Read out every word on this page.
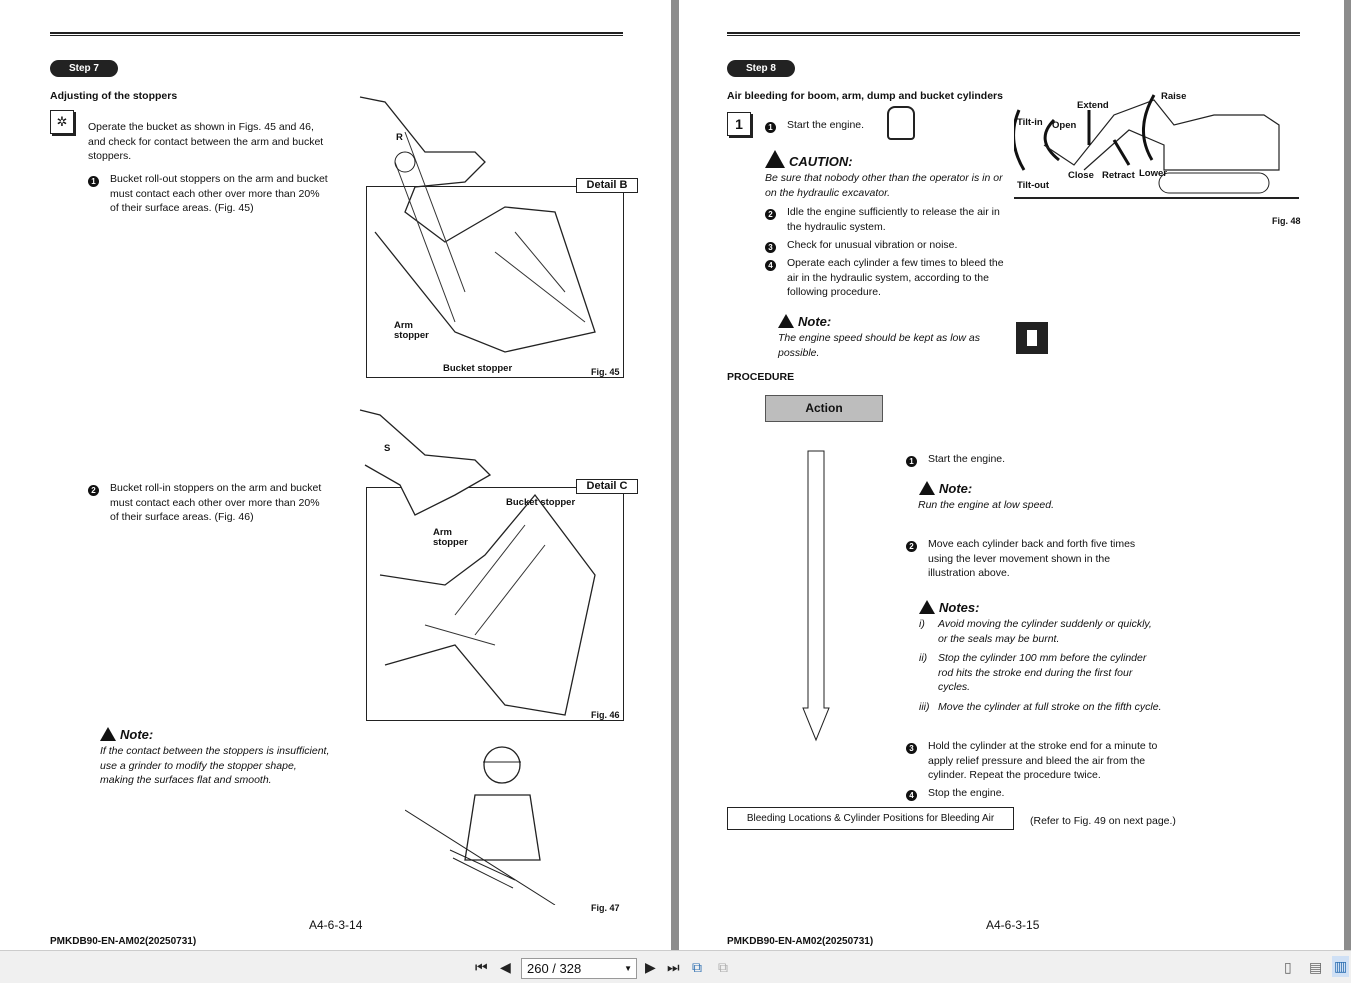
Step 7
Adjusting of the stoppers
✲	Operate the bucket as shown in Figs. 45 and 46, and check for contact between the arm and bucket stoppers.
1	Bucket roll-out stoppers on the arm and bucket must contact each other over more than 20% of their surface areas. (Fig. 45)
2	Bucket roll-in stoppers on the arm and bucket must contact each other over more than 20% of their surface areas. (Fig. 46)
Note:
If the contact between the stoppers is insufficient, use a grinder to modify the stopper shape, making the surfaces flat and smooth.
R
Detail B
Arm stopper
Bucket stopper	Fig. 45
S
Detail C
Bucket stopper
Arm stopper
Fig. 46
Fig. 47
A4-6-3-14
PMKDB90-EN-AM02(20250731)
Step 8
Air bleeding for boom, arm, dump and bucket cylinders
1	1	Start the engine.
CAUTION:
Be sure that nobody other than the operator is in or on the hydraulic excavator.
2	Idle the engine sufficiently to release the air in the hydraulic system.
3	Check for unusual vibration or noise.
4	Operate each cylinder a few times to bleed the air in the hydraulic system, according to the following procedure.
Note:
The engine speed should be kept as low as possible.
PROCEDURE
Action
1	Start the engine.
Note:
Run the engine at low speed.
2	Move each cylinder back and forth five times using the lever movement shown in the illustration above.
Notes:
i) Avoid moving the cylinder suddenly or quickly, or the seals may be burnt.
ii) Stop the cylinder 100 mm before the cylinder rod hits the stroke end during the first four cycles.
iii) Move the cylinder at full stroke on the fifth cycle.
3	Hold the cylinder at the stroke end for a minute to apply relief pressure and bleed the air from the cylinder. Repeat the procedure twice.
4	Stop the engine.
Bleeding Locations & Cylinder Positions for Bleeding Air	(Refer to Fig. 49 on next page.)
Tilt-in
Tilt-out
Open
Close
Extend
Retract
Raise
Lower
Fig. 48
A4-6-3-15
PMKDB90-EN-AM02(20250731)
⏮ ◀	260 / 328	▼ ▶ ⏭ ⧉ ⧉	▯ ▤ ▥
